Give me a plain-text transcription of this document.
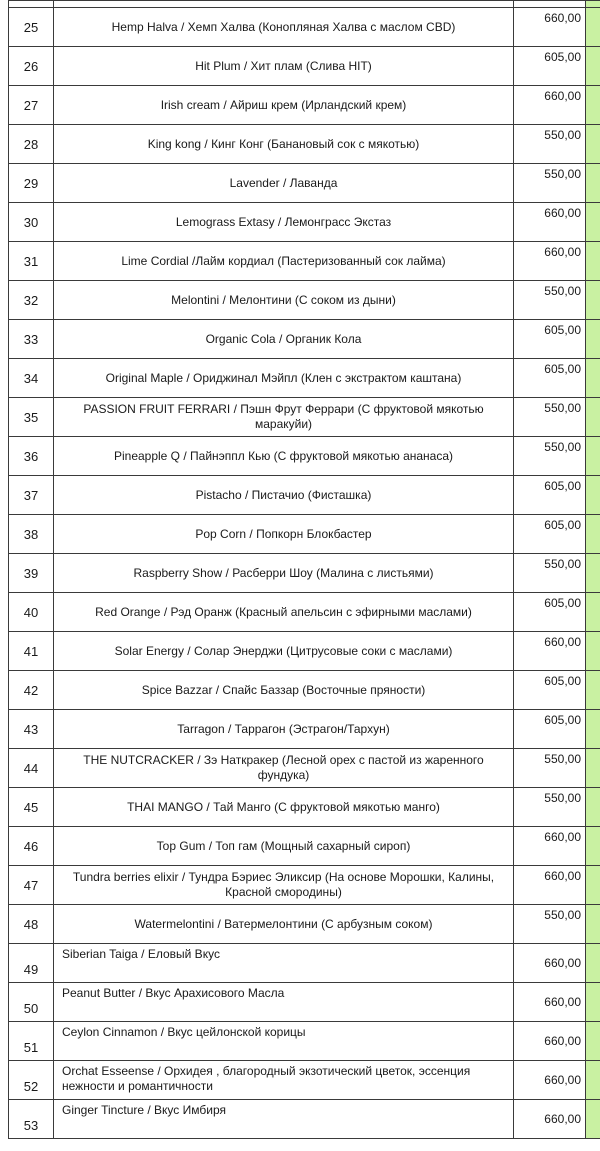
25	Hemp Halva / Хемп Халва (Конопляная Халва с маслом CBD)	660,00	
26	Hit Plum / Хит плам (Слива HIT)	605,00	
27	Irish cream / Айриш крем (Ирландский крем)	660,00	
28	King kong / Кинг Конг (Банановый сок с мякотью)	550,00	
29	Lavender / Лаванда	550,00	
30	Lemograss Extasy / Лемонграсс Экстаз	660,00	
31	Lime Cordial /Лайм кордиал (Пастеризованный сок лайма)	660,00	
32	Melontini / Мелонтини (С соком из дыни)	550,00	
33	Organic Cola / Органик Кола	605,00	
34	Original Maple / Ориджинал Мэйпл (Клен с экстрактом каштана)	605,00	
35	PASSION FRUIT FERRARI / Пэшн Фрут Феррари (С фруктовой мякотью маракуйи)	550,00	
36	Pineapple Q / Пайнэппл Кью (С фруктовой мякотью ананаса)	550,00	
37	Pistacho / Пистачио (Фисташка)	605,00	
38	Pop Corn / Попкорн Блокбастер	605,00	
39	Raspberry Show / Расберри Шоу (Малина с листьями)	550,00	
40	Red Orange / Рэд Оранж (Красный апельсин с эфирными маслами)	605,00	
41	Solar Energy / Солар Энерджи (Цитрусовые соки с маслами)	660,00	
42	Spice Bazzar / Спайс Баззар (Восточные пряности)	605,00	
43	Tarragon / Таррагон (Эстрагон/Тархун)	605,00	
44	THE NUTCRACKER / Зэ Наткракер (Лесной орех с пастой из жаренного фундука)	550,00	
45	THAI MANGO / Тай Манго (С фруктовой мякотью манго)	550,00	
46	Top Gum / Топ гам (Мощный сахарный сироп)	660,00	
47	Tundra berries elixir / Тундра Бэриес Эликсир (На основе Морошки, Калины, Красной смородины)	660,00	
48	Watermelontini / Ватермелонтини (С арбузным соком)	550,00	
49	Siberian Taiga / Еловый Вкус	660,00	
50	Peanut Butter / Вкус Арахисового Масла	660,00	
51	Ceylon Cinnamon / Вкус цейлонской корицы	660,00	
52	Orchat Esseense / Орхидея , благородный экзотический цветок, эссенция нежности и романтичности	660,00	
53	Ginger Tincture / Вкус Имбиря	660,00	
